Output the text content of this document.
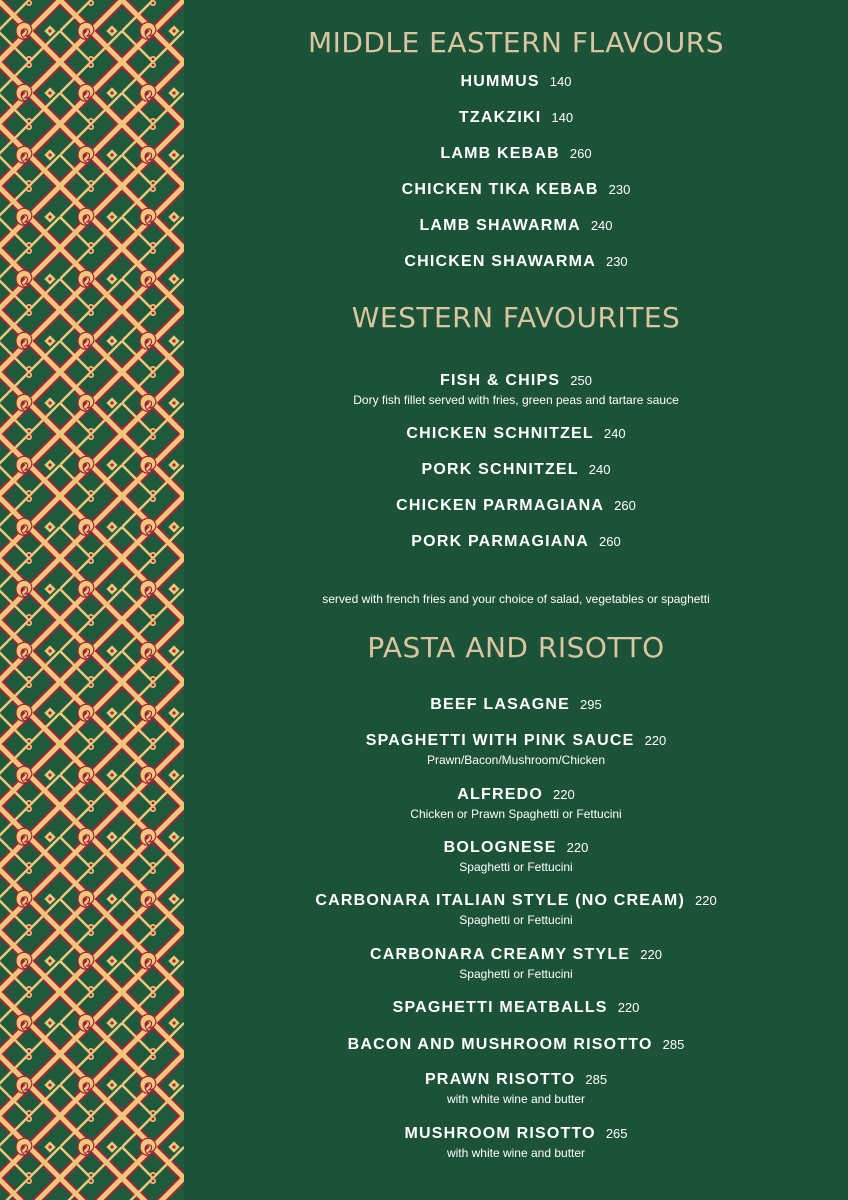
MIDDLE EASTERN FLAVOURS
HUMMUS 140
TZAKZIKI 140
LAMB KEBAB 260
CHICKEN TIKA KEBAB 230
LAMB SHAWARMA 240
CHICKEN SHAWARMA 230
WESTERN FAVOURITES
FISH & CHIPS 250
Dory fish fillet served with fries, green peas and tartare sauce
CHICKEN SCHNITZEL 240
PORK SCHNITZEL 240
CHICKEN PARMAGIANA 260
PORK PARMAGIANA 260
served with french fries and your choice of salad, vegetables or spaghetti
PASTA AND RISOTTO
BEEF LASAGNE 295
SPAGHETTI WITH PINK SAUCE 220
Prawn/Bacon/Mushroom/Chicken
ALFREDO 220
Chicken or Prawn Spaghetti or Fettucini
BOLOGNESE 220
Spaghetti or Fettucini
CARBONARA ITALIAN STYLE (NO CREAM) 220
Spaghetti or Fettucini
CARBONARA CREAMY STYLE 220
Spaghetti or Fettucini
SPAGHETTI MEATBALLS 220
BACON AND MUSHROOM RISOTTO 285
PRAWN RISOTTO 285
with white wine and butter
MUSHROOM RISOTTO 265
with white wine and butter
